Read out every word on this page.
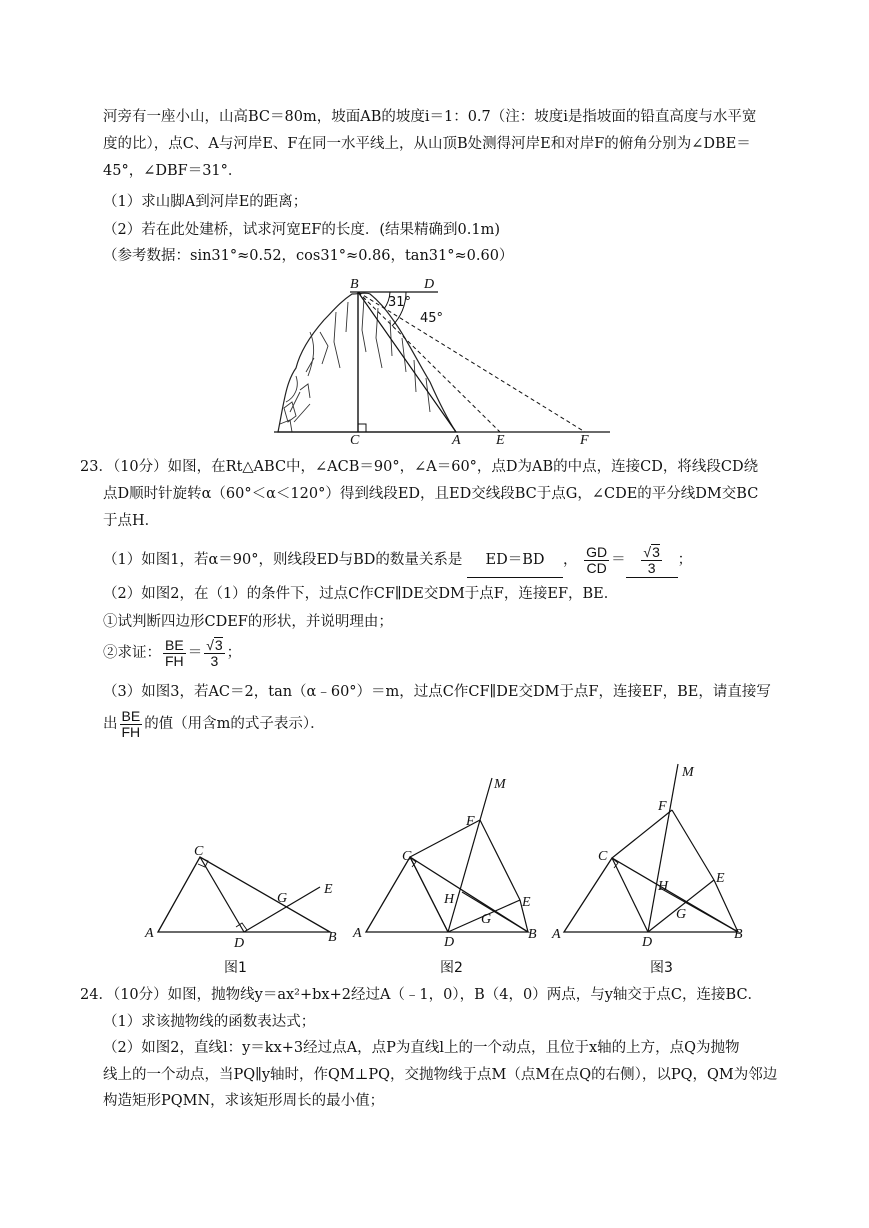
河旁有一座小山，山高BC＝80m，坡面AB的坡度i＝1：0.7（注：坡度i是指坡面的铅直高度与水平宽
度的比），点C、A与河岸E、F在同一水平线上，从山顶B处测得河岸E和对岸F的俯角分别为∠DBE＝
45°，∠DBF＝31°．
（1）求山脚A到河岸E的距离；
（2）若在此处建桥，试求河宽EF的长度．(结果精确到0.1m)
（参考数据：sin31°≈0.52，cos31°≈0.86，tan31°≈0.60）
B	D
C	A	E	F
31°
45°
23．（10分）如图，在Rt△ABC中，∠ACB＝90°，∠A＝60°，点D为AB的中点，连接CD，将线段CD绕
点D顺时针旋转α（60°＜α＜120°）得到线段ED，且ED交线段BC于点G，∠CDE的平分线DM交BC
于点H．
（1）如图1，若α＝90°，则线段ED与BD的数量关系是 ED＝BD ， $\frac{GD}{CD} = \frac{√ 3}{3}$ ；
（2）如图2，在（1）的条件下，过点C作CF∥DE交DM于点F，连接EF，BE．
①试判断四边形CDEF的形状，并说明理由；
②求证： $\frac{BE}{FH} = \frac{√ 3}{3}$ ；
（3）如图3，若AC＝2，tan（α﹣60°）＝m，过点C作CF∥DE交DM于点F，连接EF，BE，请直接写
出 $\frac{BE}{FH}$ 的值（用含m的式子表示）．
A
C
D	B
G
E
图1
A
C
D
B
F
M
E
H
G
图2
A
C
D
B
F
M
E
H
G
图3
24．（10分）如图，抛物线y＝ax²+bx+2经过A（﹣1，0），B（4，0）两点，与y轴交于点C，连接BC．
（1）求该抛物线的函数表达式；
（2）如图2，直线l：y＝kx+3经过点A，点P为直线l上的一个动点，且位于x轴的上方，点Q为抛物
线上的一个动点，当PQ∥y轴时，作QM⊥PQ，交抛物线于点M（点M在点Q的右侧），以PQ，QM为邻边
构造矩形PQMN，求该矩形周长的最小值；
